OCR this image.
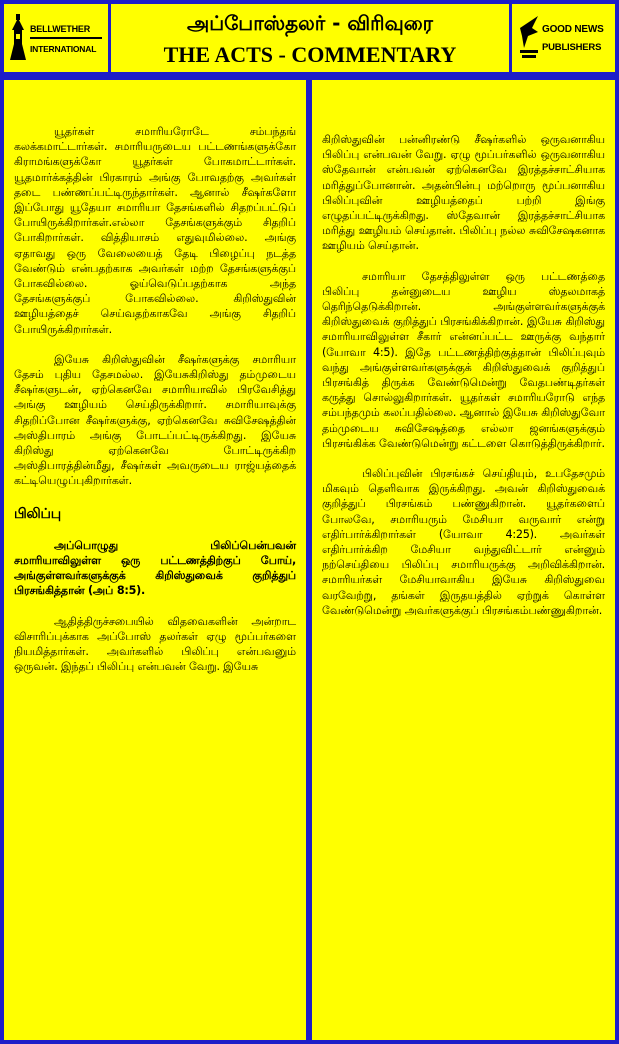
BELLWETHER
INTERNATIONAL
அப்போஸ்தலர் - விரிவுரை
THE ACTS - COMMENTARY
GOOD NEWS
PUBLISHERS

யூதர்கள் சமாரியரோடே சம்பந்தங் கலக்கமாட்டார்கள். சமாரியருடைய பட்டணங்களுக்கோ கிராமங்களுக்கோ யூதர்கள் போகமாட்டார்கள். யூதமார்க்கத்தின் பிரகாரம் அங்கு போவதற்கு அவர்கள் தடை பண்ணப்பட்டிருந்தார்கள். ஆனால் சீஷர்களோ இப்போது யூதேயா சமாரியா தேசங்களில் சிதறப்பட்டுப் போயிருக்கிறார்கள்.எல்லா தேசங்களுக்கும் சிதறிப் போகிறார்கள். வித்தியாசம் எதுவுமில்லை. அங்கு ஏதாவது ஒரு வேலையைத் தேடி பிழைப்பு நடத்த வேண்டும் என்பதற்காக அவர்கள் மற்ற தேசங்களுக்குப் போகவில்லை. ஓய்வெடுப்பதற்காக அந்த தேசங்களுக்குப் போகவில்லை. கிறிஸ்துவின் ஊழியத்தைச் செய்வதற்காகவே அங்கு சிதறிப் போயிருக்கிறார்கள்.

இயேசு கிறிஸ்துவின் சீஷர்களுக்கு சமாரியா தேசம் புதிய தேசமல்ல. இயேசுகிறிஸ்து தம்முடைய சீஷர்களுடன், ஏற்கெனவே சமாரியாவில் பிரவேசித்து அங்கு ஊழியம் செய்திருக்கிறார். சமாரியாவுக்கு சிதறிப்போன சீஷர்களுக்கு, ஏற்கெனவே சுவிசேஷத்தின் அஸ்திபாரம் அங்கு போடப்பட்டிருக்கிறது. இயேசு கிறிஸ்து ஏற்கெனவே போட்டிருக்கிற அஸ்திபாரத்தின்மீது, சீஷர்கள் அவருடைய ராஜ்யத்தைக் கட்டியெழுப்புகிறார்கள்.

பிலிப்பு

அப்பொழுது பிலிப்பென்பவன் சமாரியாவிலுள்ள ஒரு பட்டணத்திற்குப் போய், அங்குள்ளவர்களுக்குக் கிறிஸ்துவைக் குறித்துப் பிரசங்கித்தான் (அப் 8:5).

ஆதித்திருச்சபையில் விதவைகளின் அன்றாட விசாரிப்புக்காக அப்போஸ் தலர்கள் ஏழு மூப்பர்களை நியமித்தார்கள். அவர்களில் பிலிப்பு என்பவனும் ஒருவன். இந்தப் பிலிப்பு என்பவன் வேறு. இயேசு

கிறிஸ்துவின் பன்னிரண்டு சீஷர்களில் ஒருவனாகிய பிலிப்பு என்பவன் வேறு. ஏழு மூப்பர்களில் ஒருவனாகிய ஸ்தேவான் என்பவன் ஏற்கெனவே இரத்தச்சாட்சியாக மரித்துப்போனான். அதன்பின்பு மற்றொரு மூப்பனாகிய பிலிப்புவின் ஊழியத்தைப் பற்றி இங்கு எழுதப்பட்டிருக்கிறது. ஸ்தேவான் இரத்தச்சாட்சியாக மரித்து ஊழியம் செய்தான். பிலிப்பு நல்ல சுவிசேஷகனாக ஊழியம் செய்தான்.

சமாரியா தேசத்திலுள்ள ஒரு பட்டணத்தை பிலிப்பு தன்னுடைய ஊழிய ஸ்தலமாகத் தெரிந்தெடுக்கிறான். அங்குள்ளவர்களுக்குக் கிறிஸ்துவைக் குறித்துப் பிரசங்கிக்கிறான். இயேசு கிறிஸ்து சமாரியாவிலுள்ள சீகார் என்னப்பட்ட ஊருக்கு வந்தார் (யோவா 4:5). இதே பட்டணத்திற்குத்தான் பிலிப்புவும் வந்து அங்குள்ளவர்களுக்குக் கிறிஸ்துவைக் குறித்துப் பிரசங்கித் திருக்க வேண்டுமென்று வேதபண்டிதர்கள் கருத்து சொல்லுகிறார்கள். யூதர்கள் சமாரியரோடு எந்த சம்பந்தமும் கலப்பதில்லை. ஆனால் இயேசு கிறிஸ்துவோ தம்முடைய சுவிசேஷத்தை எல்லா ஜனங்களுக்கும் பிரசங்கிக்க வேண்டுமென்று கட்டளை கொடுத்திருக்கிறார்.

பிலிப்புவின் பிரசங்கச் செய்தியும், உபதேசமும் மிகவும் தெளிவாக இருக்கிறது. அவன் கிறிஸ்துவைக் குறித்துப் பிரசங்கம் பண்ணுகிறான். யூதர்களைப் போலவே, சமாரியரும் மேசியா வருவார் என்று எதிர்பார்க்கிறார்கள் (யோவா 4:25). அவர்கள் எதிர்பார்க்கிற மேசியா வந்துவிட்டார் என்னும் நற்செய்தியை பிலிப்பு சமாரியருக்கு அறிவிக்கிறான். சமாரியர்கள் மேசியாவாகிய இயேசு கிறிஸ்துவை வரவேற்று, தங்கள் இருதயத்தில் ஏற்றுக் கொள்ள வேண்டுமென்று அவர்களுக்குப் பிரசங்கம்பண்ணுகிறான்.
